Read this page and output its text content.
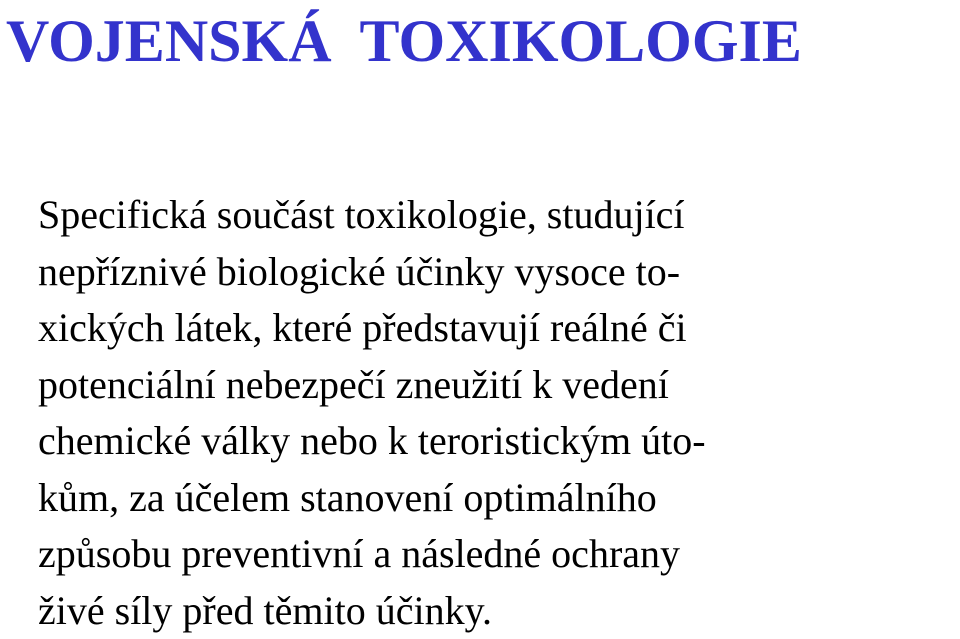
VOJENSKÁ TOXIKOLOGIE
Specifická součást toxikologie, studující
nepříznivé biologické účinky vysoce to-
xických látek, které představují reálné či
potenciální nebezpečí zneužití k vedení
chemické války nebo k teroristickým úto-
kům, za účelem stanovení optimálního
způsobu preventivní a následné ochrany
živé síly před těmito účinky.
